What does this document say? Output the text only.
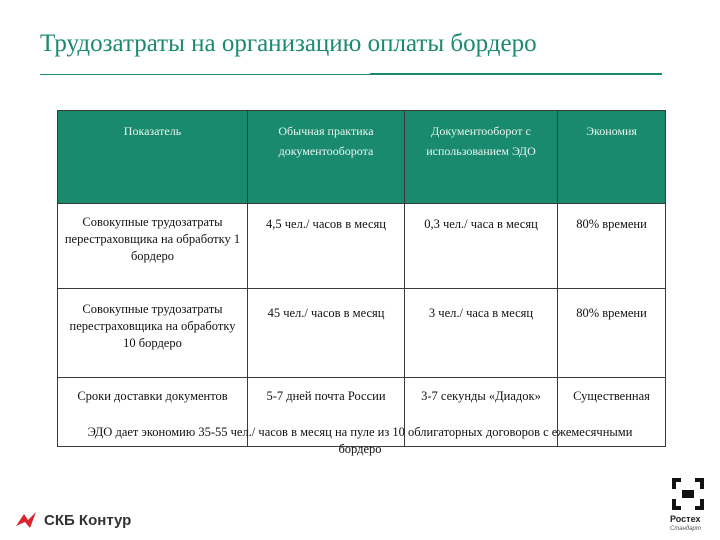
Трудозатраты на организацию оплаты бордеро
Показатель	Обычная практика документооборота	Документооборот с использованием ЭДО	Экономия
Совокупные трудозатраты перестраховщика на обработку 1 бордеро	4,5 чел./ часов в месяц	0,3 чел./ часа в месяц	80% времени
Совокупные трудозатраты перестраховщика на обработку 10 бордеро	45 чел./ часов в месяц	3 чел./ часа в месяц	80% времени
Сроки доставки документов	5-7 дней почта России	3-7 секунды «Диадок»	Существенная
ЭДО дает экономию 35-55 чел./ часов в месяц на пуле из 10 облигаторных договоров с ежемесячными бордеро
СКБ Контур	Ростех
Стандарт
